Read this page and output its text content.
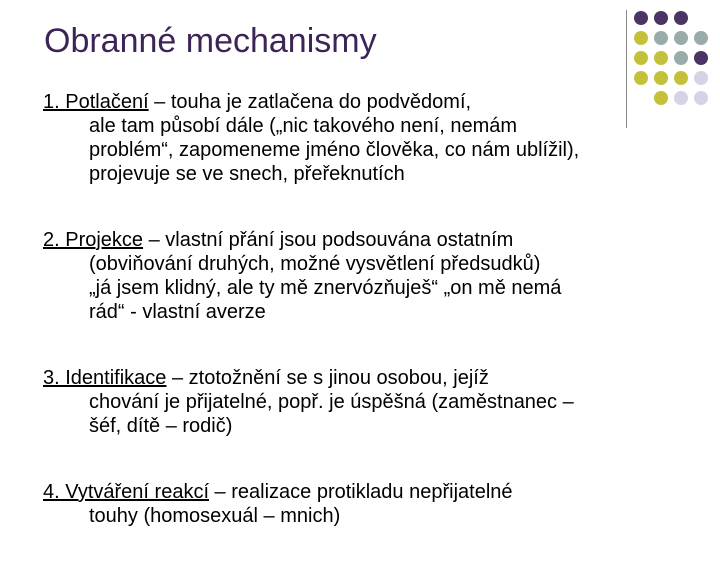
Obranné mechanismy
1. Potlačení – touha je zatlačena do podvědomí,
ale tam působí dále („nic takového není, nemám
problém“, zapomeneme jméno člověka, co nám ublížil),
projevuje se ve snech, přeřeknutích
2. Projekce – vlastní přání jsou podsouvána ostatním
(obviňování druhých, možné vysvětlení předsudků)
„já jsem klidný, ale ty mě znervózňuješ“ „on mě nemá
rád“ - vlastní averze
3. Identifikace – ztotožnění se s jinou osobou, jejíž
chování je přijatelné, popř. je úspěšná (zaměstnanec –
šéf, dítě – rodič)
4. Vytváření reakcí – realizace protikladu nepřijatelné
touhy (homosexuál – mnich)
